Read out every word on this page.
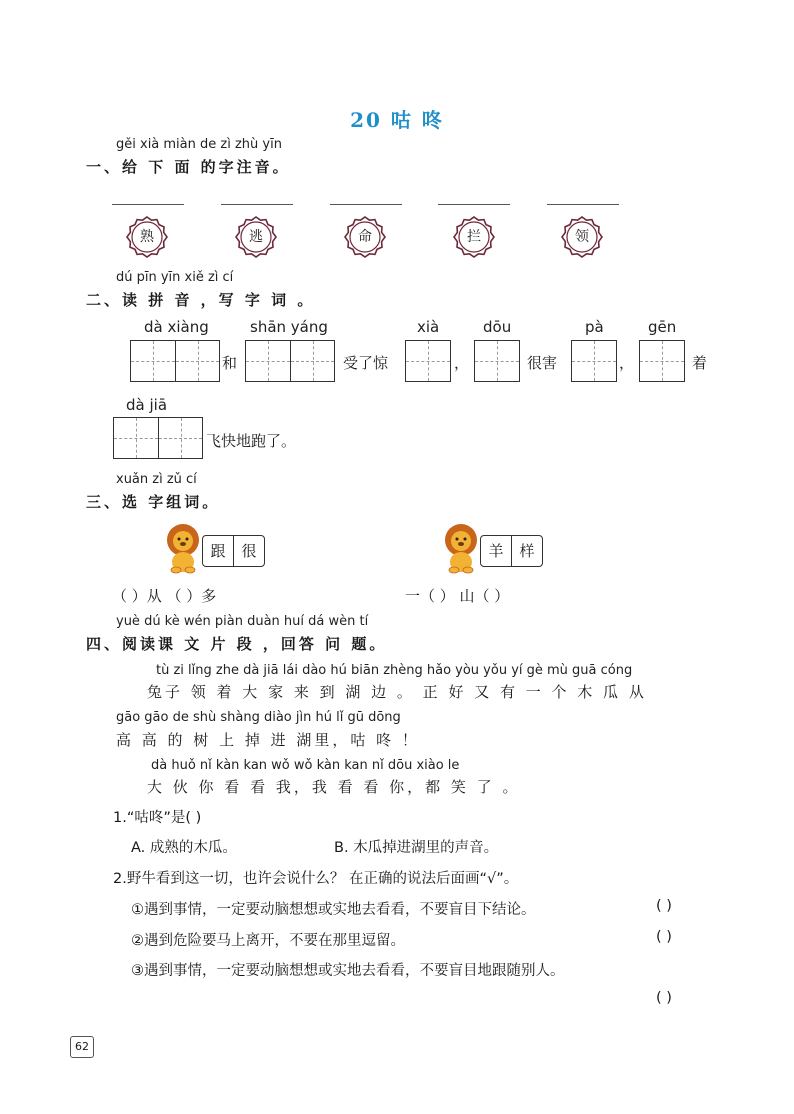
20 咕 咚
gěi xià miàn de zì zhù yīn
一、给 下 面 的字注音。
熟	逃	命	拦	领
dú pīn yīn xiě zì cí
二、读 拼 音 ，写 字 词 。
dà xiàng	shān yáng	xià	dōu	pà	gēn
和	受了惊	，	很害	，	着
dà jiā
飞快地跑了。
xuǎn zì zǔ cí
三、选 字组词。
跟	很	羊	样
（ ）从 （ ）多	一（ ） 山（ ）
yuè dú kè wén piàn duàn huí dá wèn tí
四、阅读课 文 片 段 ，回答 问 题。
tù zi lǐng zhe dà jiā lái dào hú biān zhèng hǎo yòu yǒu yí gè mù guā cóng
兔子 领 着 大 家 来 到 湖 边 。 正 好 又 有 一 个 木 瓜 从
gāo gāo de shù shàng diào jìn hú lǐ gū dōng
高 高 的 树 上 掉 进 湖里，咕 咚 ！
dà huǒ nǐ kàn kan wǒ wǒ kàn kan nǐ dōu xiào le
大 伙 你 看 看 我，我 看 看 你，都 笑 了 。
1.“咕咚”是( )
A. 成熟的木瓜。	B. 木瓜掉进湖里的声音。
2.野牛看到这一切，也许会说什么？ 在正确的说法后面画“√”。
①遇到事情，一定要动脑想想或实地去看看，不要盲目下结论。	( )
②遇到危险要马上离开，不要在那里逗留。	( )
③遇到事情，一定要动脑想想或实地去看看，不要盲目地跟随别人。
( )
62
